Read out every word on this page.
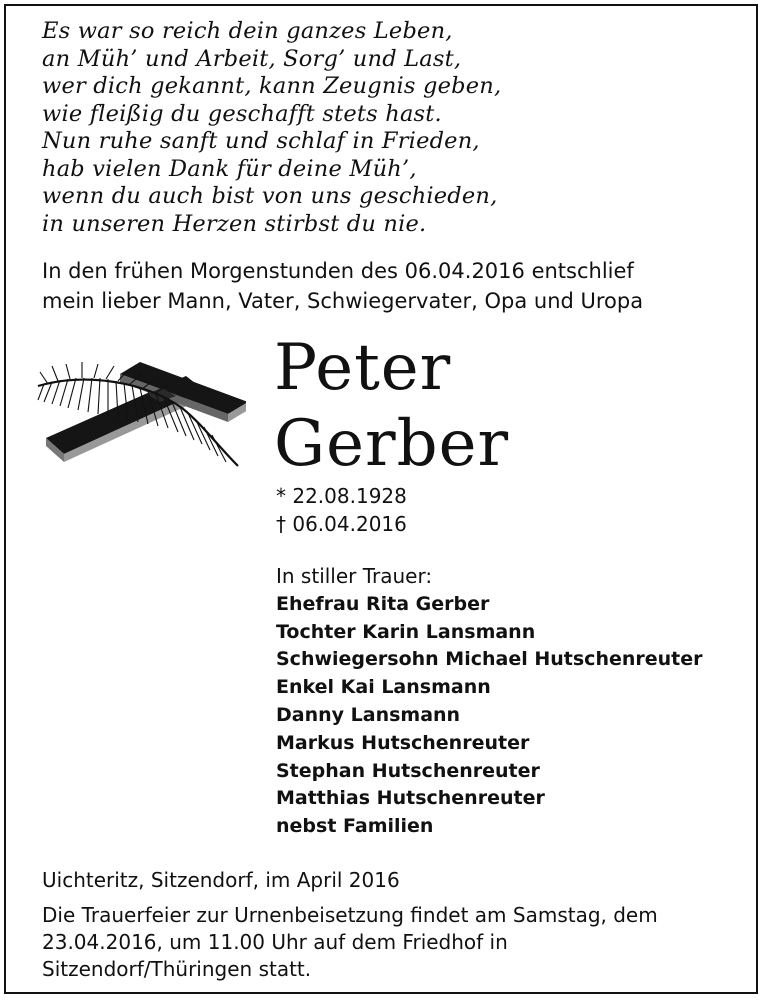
Es war so reich dein ganzes Leben,
an Müh’ und Arbeit, Sorg’ und Last,
wer dich gekannt, kann Zeugnis geben,
wie fleißig du geschafft stets hast.
Nun ruhe sanft und schlaf in Frieden,
hab vielen Dank für deine Müh’,
wenn du auch bist von uns geschieden,
in unseren Herzen stirbst du nie.
In den frühen Morgenstunden des 06.04.2016 entschlief
mein lieber Mann, Vater, Schwiegervater, Opa und Uropa
Peter
Gerber
* 22.08.1928
† 06.04.2016
In stiller Trauer:
Ehefrau Rita Gerber
Tochter Karin Lansmann
Schwiegersohn Michael Hutschenreuter
Enkel Kai Lansmann
Danny Lansmann
Markus Hutschenreuter
Stephan Hutschenreuter
Matthias Hutschenreuter
nebst Familien
Uichteritz, Sitzendorf, im April 2016
Die Trauerfeier zur Urnenbeisetzung findet am Samstag, dem
23.04.2016, um 11.00 Uhr auf dem Friedhof in
Sitzendorf/Thüringen statt.
